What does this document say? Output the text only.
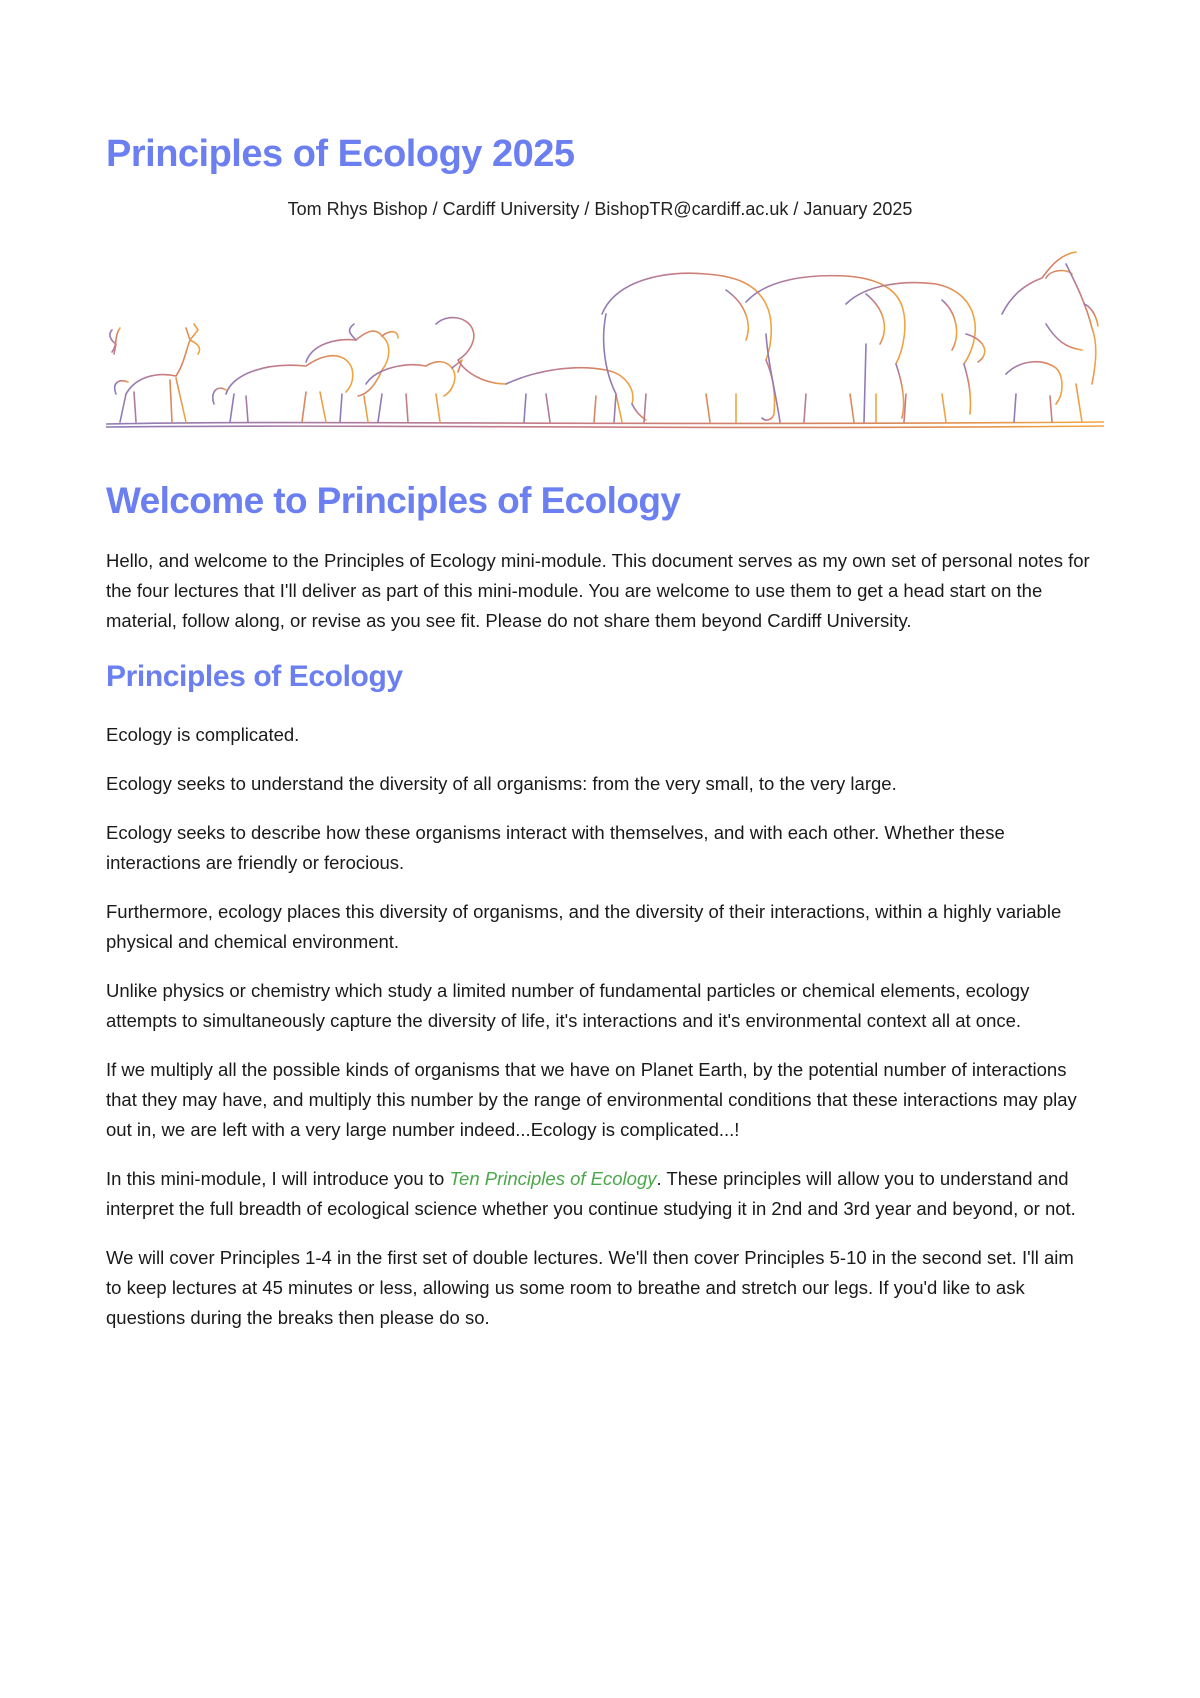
Principles of Ecology 2025

Tom Rhys Bishop / Cardiff University / BishopTR@cardiff.ac.uk / January 2025

Welcome to Principles of Ecology

Hello, and welcome to the Principles of Ecology mini-module. This document serves as my own set of personal notes for the four lectures that I'll deliver as part of this mini-module. You are welcome to use them to get a head start on the material, follow along, or revise as you see fit. Please do not share them beyond Cardiff University.

Principles of Ecology

Ecology is complicated.

Ecology seeks to understand the diversity of all organisms: from the very small, to the very large.

Ecology seeks to describe how these organisms interact with themselves, and with each other. Whether these interactions are friendly or ferocious.

Furthermore, ecology places this diversity of organisms, and the diversity of their interactions, within a highly variable physical and chemical environment.

Unlike physics or chemistry which study a limited number of fundamental particles or chemical elements, ecology attempts to simultaneously capture the diversity of life, it's interactions and it's environmental context all at once.

If we multiply all the possible kinds of organisms that we have on Planet Earth, by the potential number of interactions that they may have, and multiply this number by the range of environmental conditions that these interactions may play out in, we are left with a very large number indeed...Ecology is complicated...!

In this mini-module, I will introduce you to Ten Principles of Ecology. These principles will allow you to understand and interpret the full breadth of ecological science whether you continue studying it in 2nd and 3rd year and beyond, or not.

We will cover Principles 1-4 in the first set of double lectures. We'll then cover Principles 5-10 in the second set. I'll aim to keep lectures at 45 minutes or less, allowing us some room to breathe and stretch our legs. If you'd like to ask questions during the breaks then please do so.
